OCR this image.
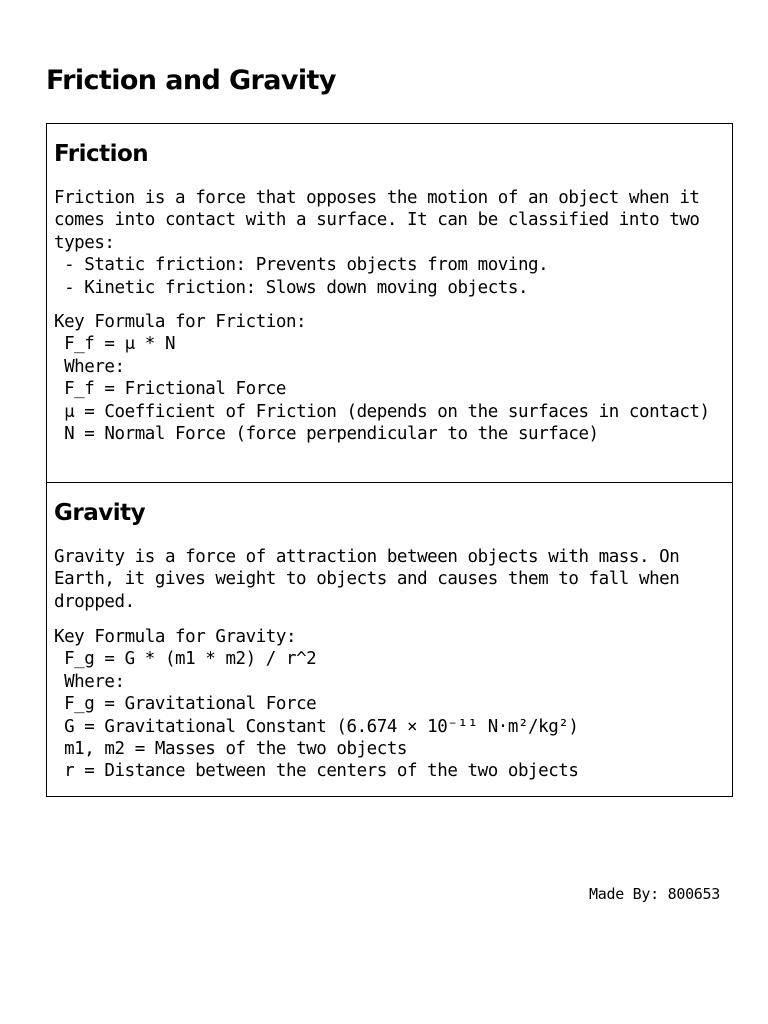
Friction and Gravity
Friction

Friction is a force that opposes the motion of an object when it comes into contact with a surface. It can be classified into two types:
- Static friction: Prevents objects from moving.
- Kinetic friction: Slows down moving objects.

Key Formula for Friction:
F_f = μ * N
Where:
F_f = Frictional Force
μ = Coefficient of Friction (depends on the surfaces in contact)
N = Normal Force (force perpendicular to the surface)

Gravity

Gravity is a force of attraction between objects with mass. On Earth, it gives weight to objects and causes them to fall when dropped.

Key Formula for Gravity:
F_g = G * (m1 * m2) / r^2
Where:
F_g = Gravitational Force
G = Gravitational Constant (6.674 × 10⁻¹¹ N·m²/kg²)
m1, m2 = Masses of the two objects
r = Distance between the centers of the two objects

Made By: 800653
